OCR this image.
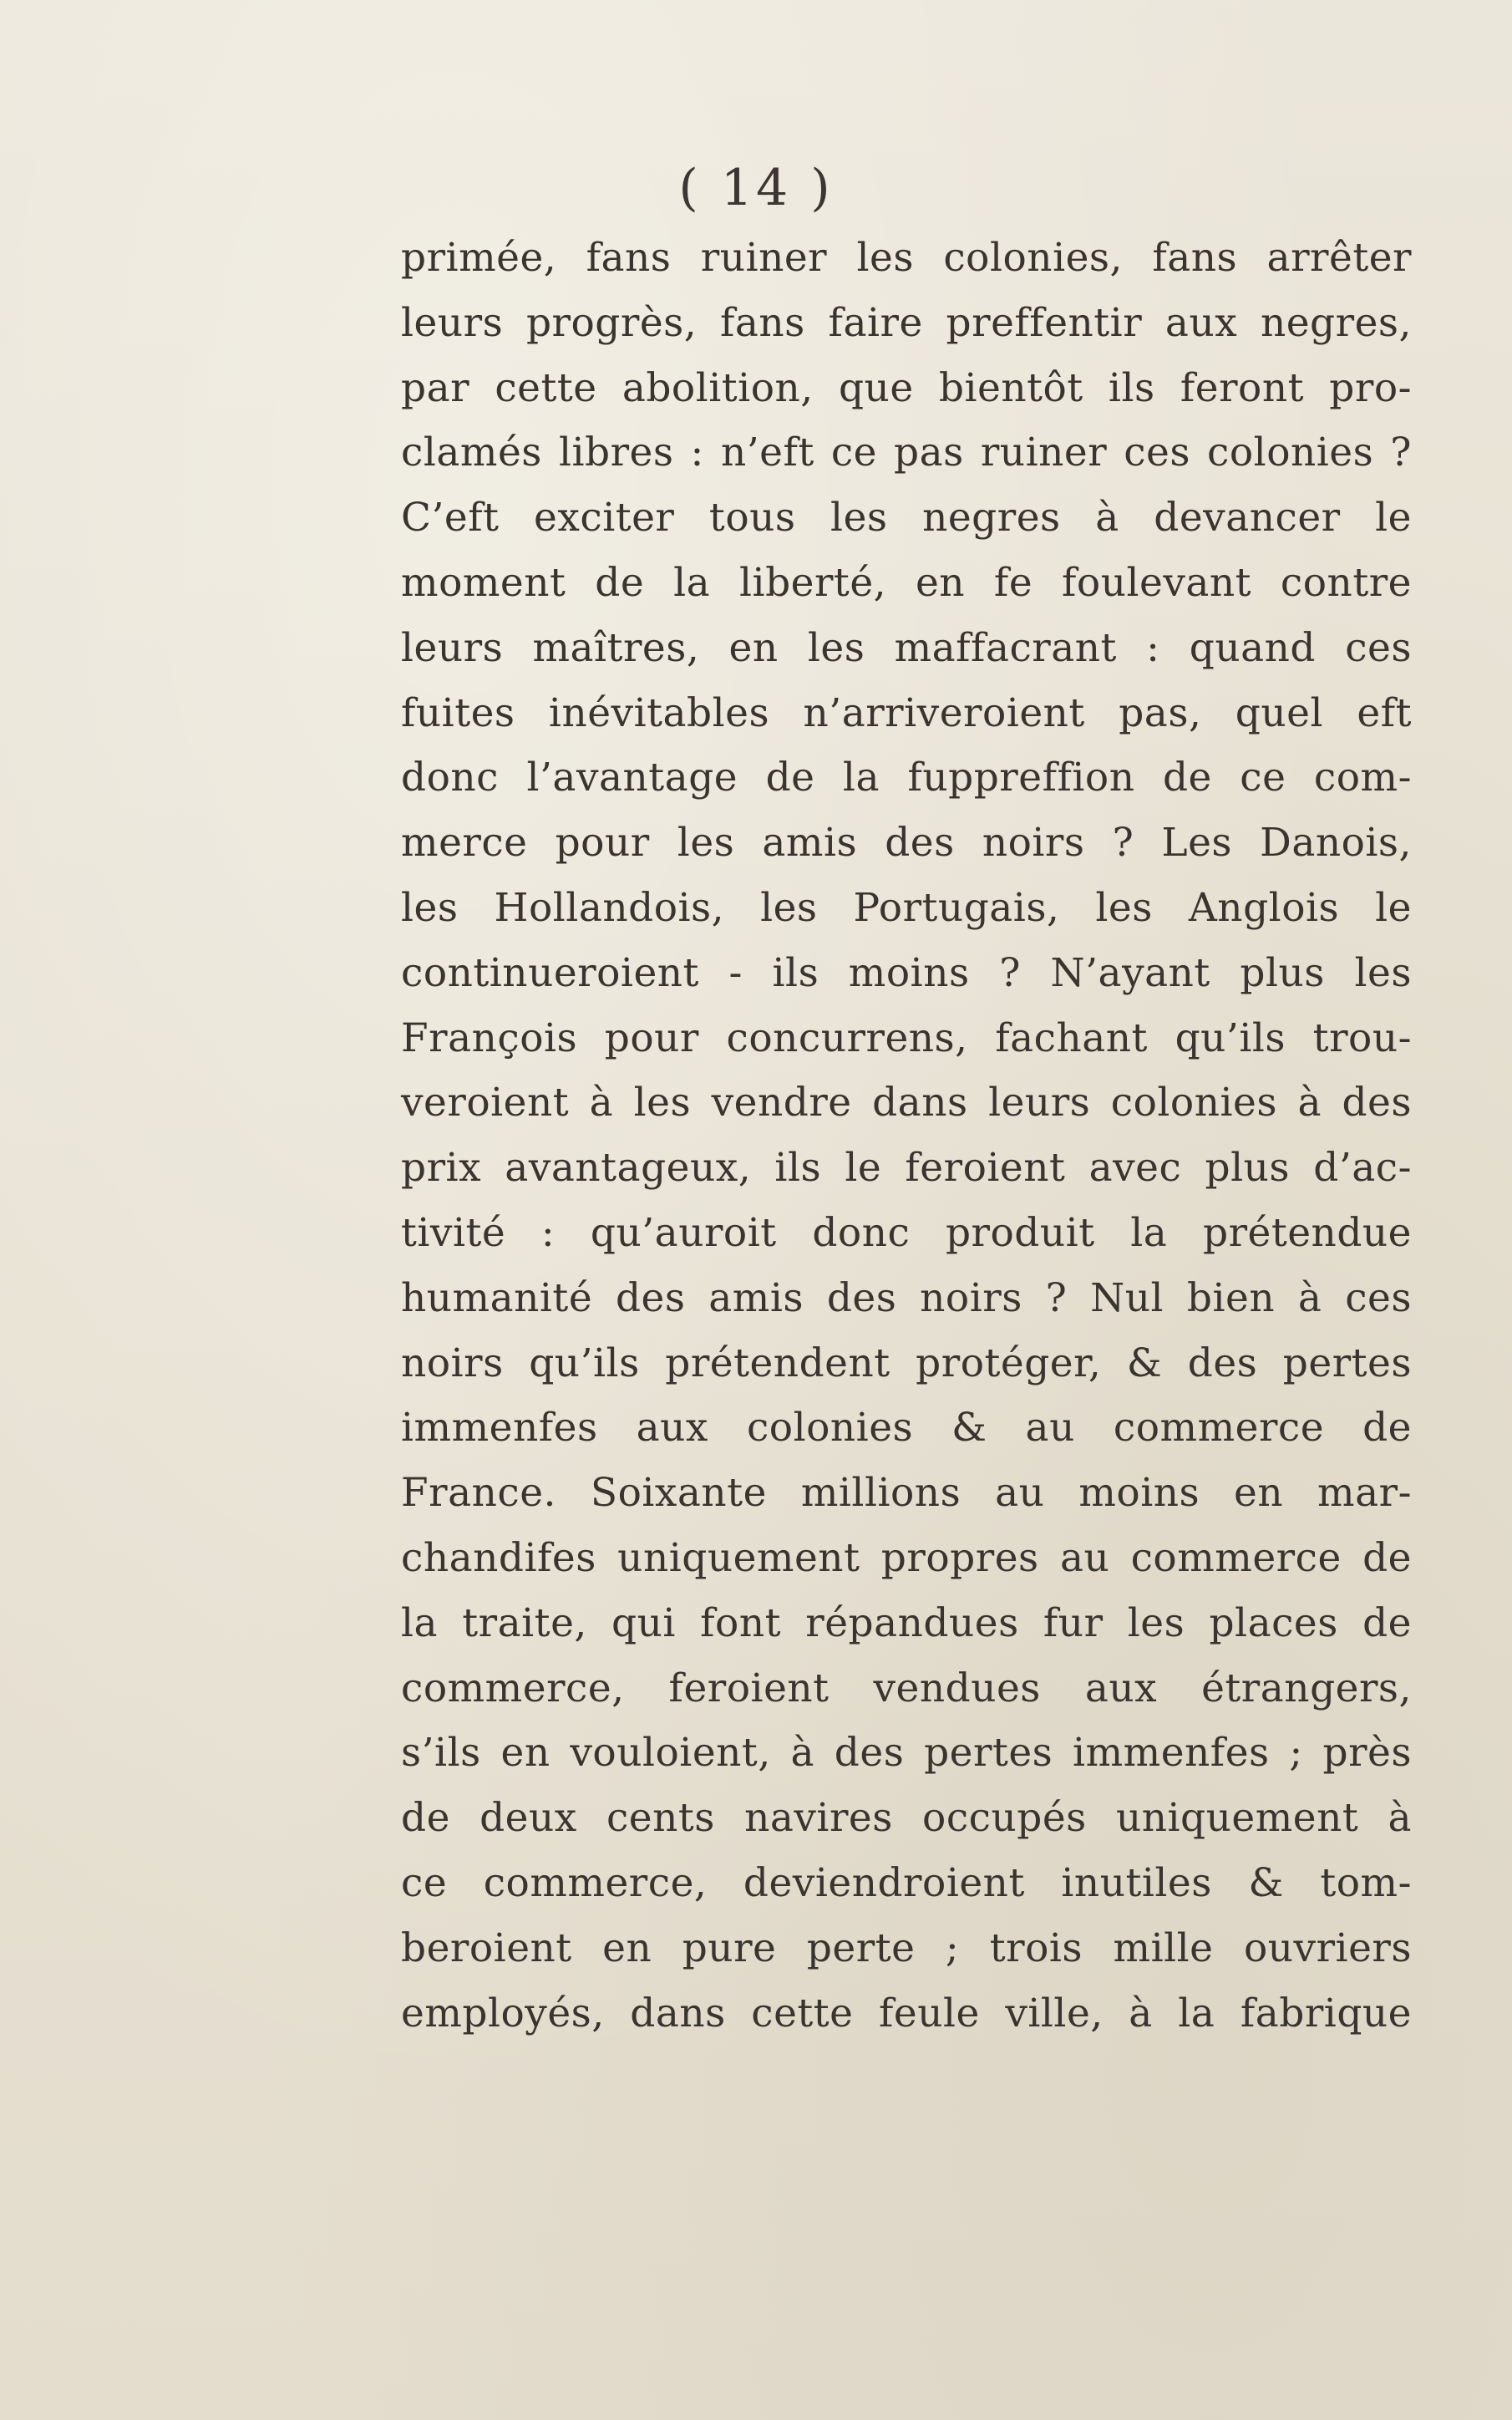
( 14 )
primée, fans ruiner les colonies, fans arrêter
leurs progrès, fans faire preffentir aux negres,
par cette abolition, que bientôt ils feront pro-
clamés libres : n’eft ce pas ruiner ces colonies ?
C’eft exciter tous les negres à devancer le
moment de la liberté, en fe foulevant contre
leurs maîtres, en les maffacrant : quand ces
fuites inévitables n’arriveroient pas, quel eft
donc l’avantage de la fuppreffion de ce com-
merce pour les amis des noirs ? Les Danois,
les Hollandois, les Portugais, les Anglois le
continueroient - ils moins ? N’ayant plus les
François pour concurrens, fachant qu’ils trou-
veroient à les vendre dans leurs colonies à des
prix avantageux, ils le feroient avec plus d’ac-
tivité : qu’auroit donc produit la prétendue
humanité des amis des noirs ? Nul bien à ces
noirs qu’ils prétendent protéger, & des pertes
immenfes aux colonies & au commerce de
France. Soixante millions au moins en mar-
chandifes uniquement propres au commerce de
la traite, qui font répandues fur les places de
commerce, feroient vendues aux étrangers,
s’ils en vouloient, à des pertes immenfes ; près
de deux cents navires occupés uniquement à
ce commerce, deviendroient inutiles & tom-
beroient en pure perte ; trois mille ouvriers
employés, dans cette feule ville, à la fabrique
